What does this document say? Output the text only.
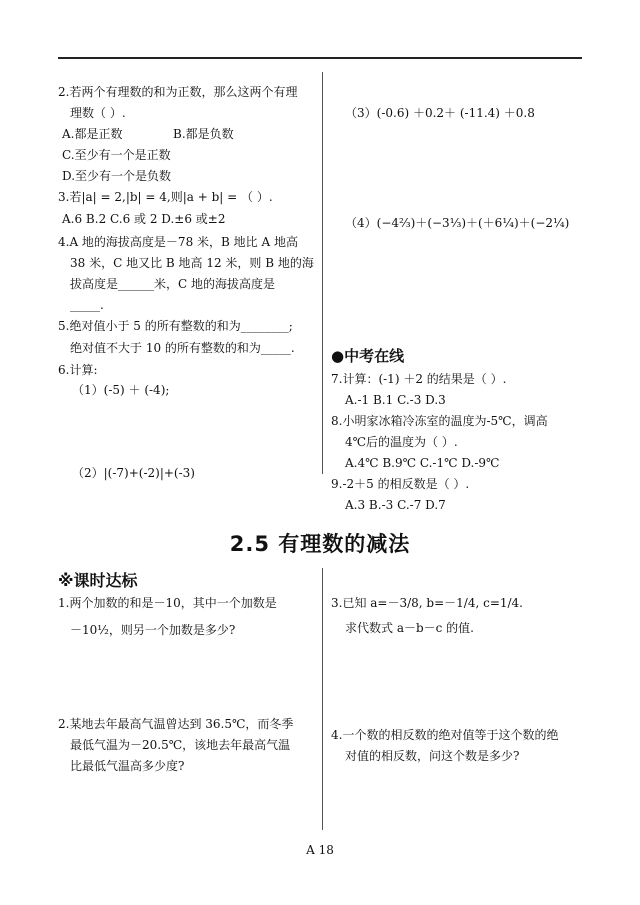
2.若两个有理数的和为正数，那么这两个有理
理数（ ）.
A.都是正数	B.都是负数
C.至少有一个是正数
D.至少有一个是负数
3.若|a| = 2,|b| = 4,则|a + b| = （ ）.
A.6 B.2 C.6 或 2 D.±6 或±2
4.A 地的海拔高度是－78 米，B 地比 A 地高
38 米，C 地又比 B 地高 12 米，则 B 地的海
拔高度是______米，C 地的海拔高度是
_____.
5.绝对值小于 5 的所有整数的和为________;
绝对值不大于 10 的所有整数的和为_____.
6.计算:
（1）(-5) ＋ (-4);
（2）|(-7)+(-2)|+(-3)
（3）(-0.6) ＋0.2＋ (-11.4) ＋0.8
（4）(−4⅔)＋(−3⅓)＋(＋6¼)＋(−2¼)
●中考在线
7.计算：(-1) ＋2 的结果是（ ）.
A.-1 B.1 C.-3 D.3
8.小明家冰箱冷冻室的温度为-5℃，调高
4℃后的温度为（ ）.
A.4℃ B.9℃ C.-1℃ D.-9℃
9.-2＋5 的相反数是（ ）.
A.3 B.-3 C.-7 D.7
2.5 有理数的减法
※课时达标
1.两个加数的和是－10，其中一个加数是
－10½，则另一个加数是多少?
2.某地去年最高气温曾达到 36.5℃，而冬季
最低气温为－20.5℃，该地去年最高气温
比最低气温高多少度?
3.已知 a=－3/8, b=－1/4, c=1/4.
求代数式 a－b－c 的值.
4.一个数的相反数的绝对值等于这个数的绝
对值的相反数，问这个数是多少?
A 18
